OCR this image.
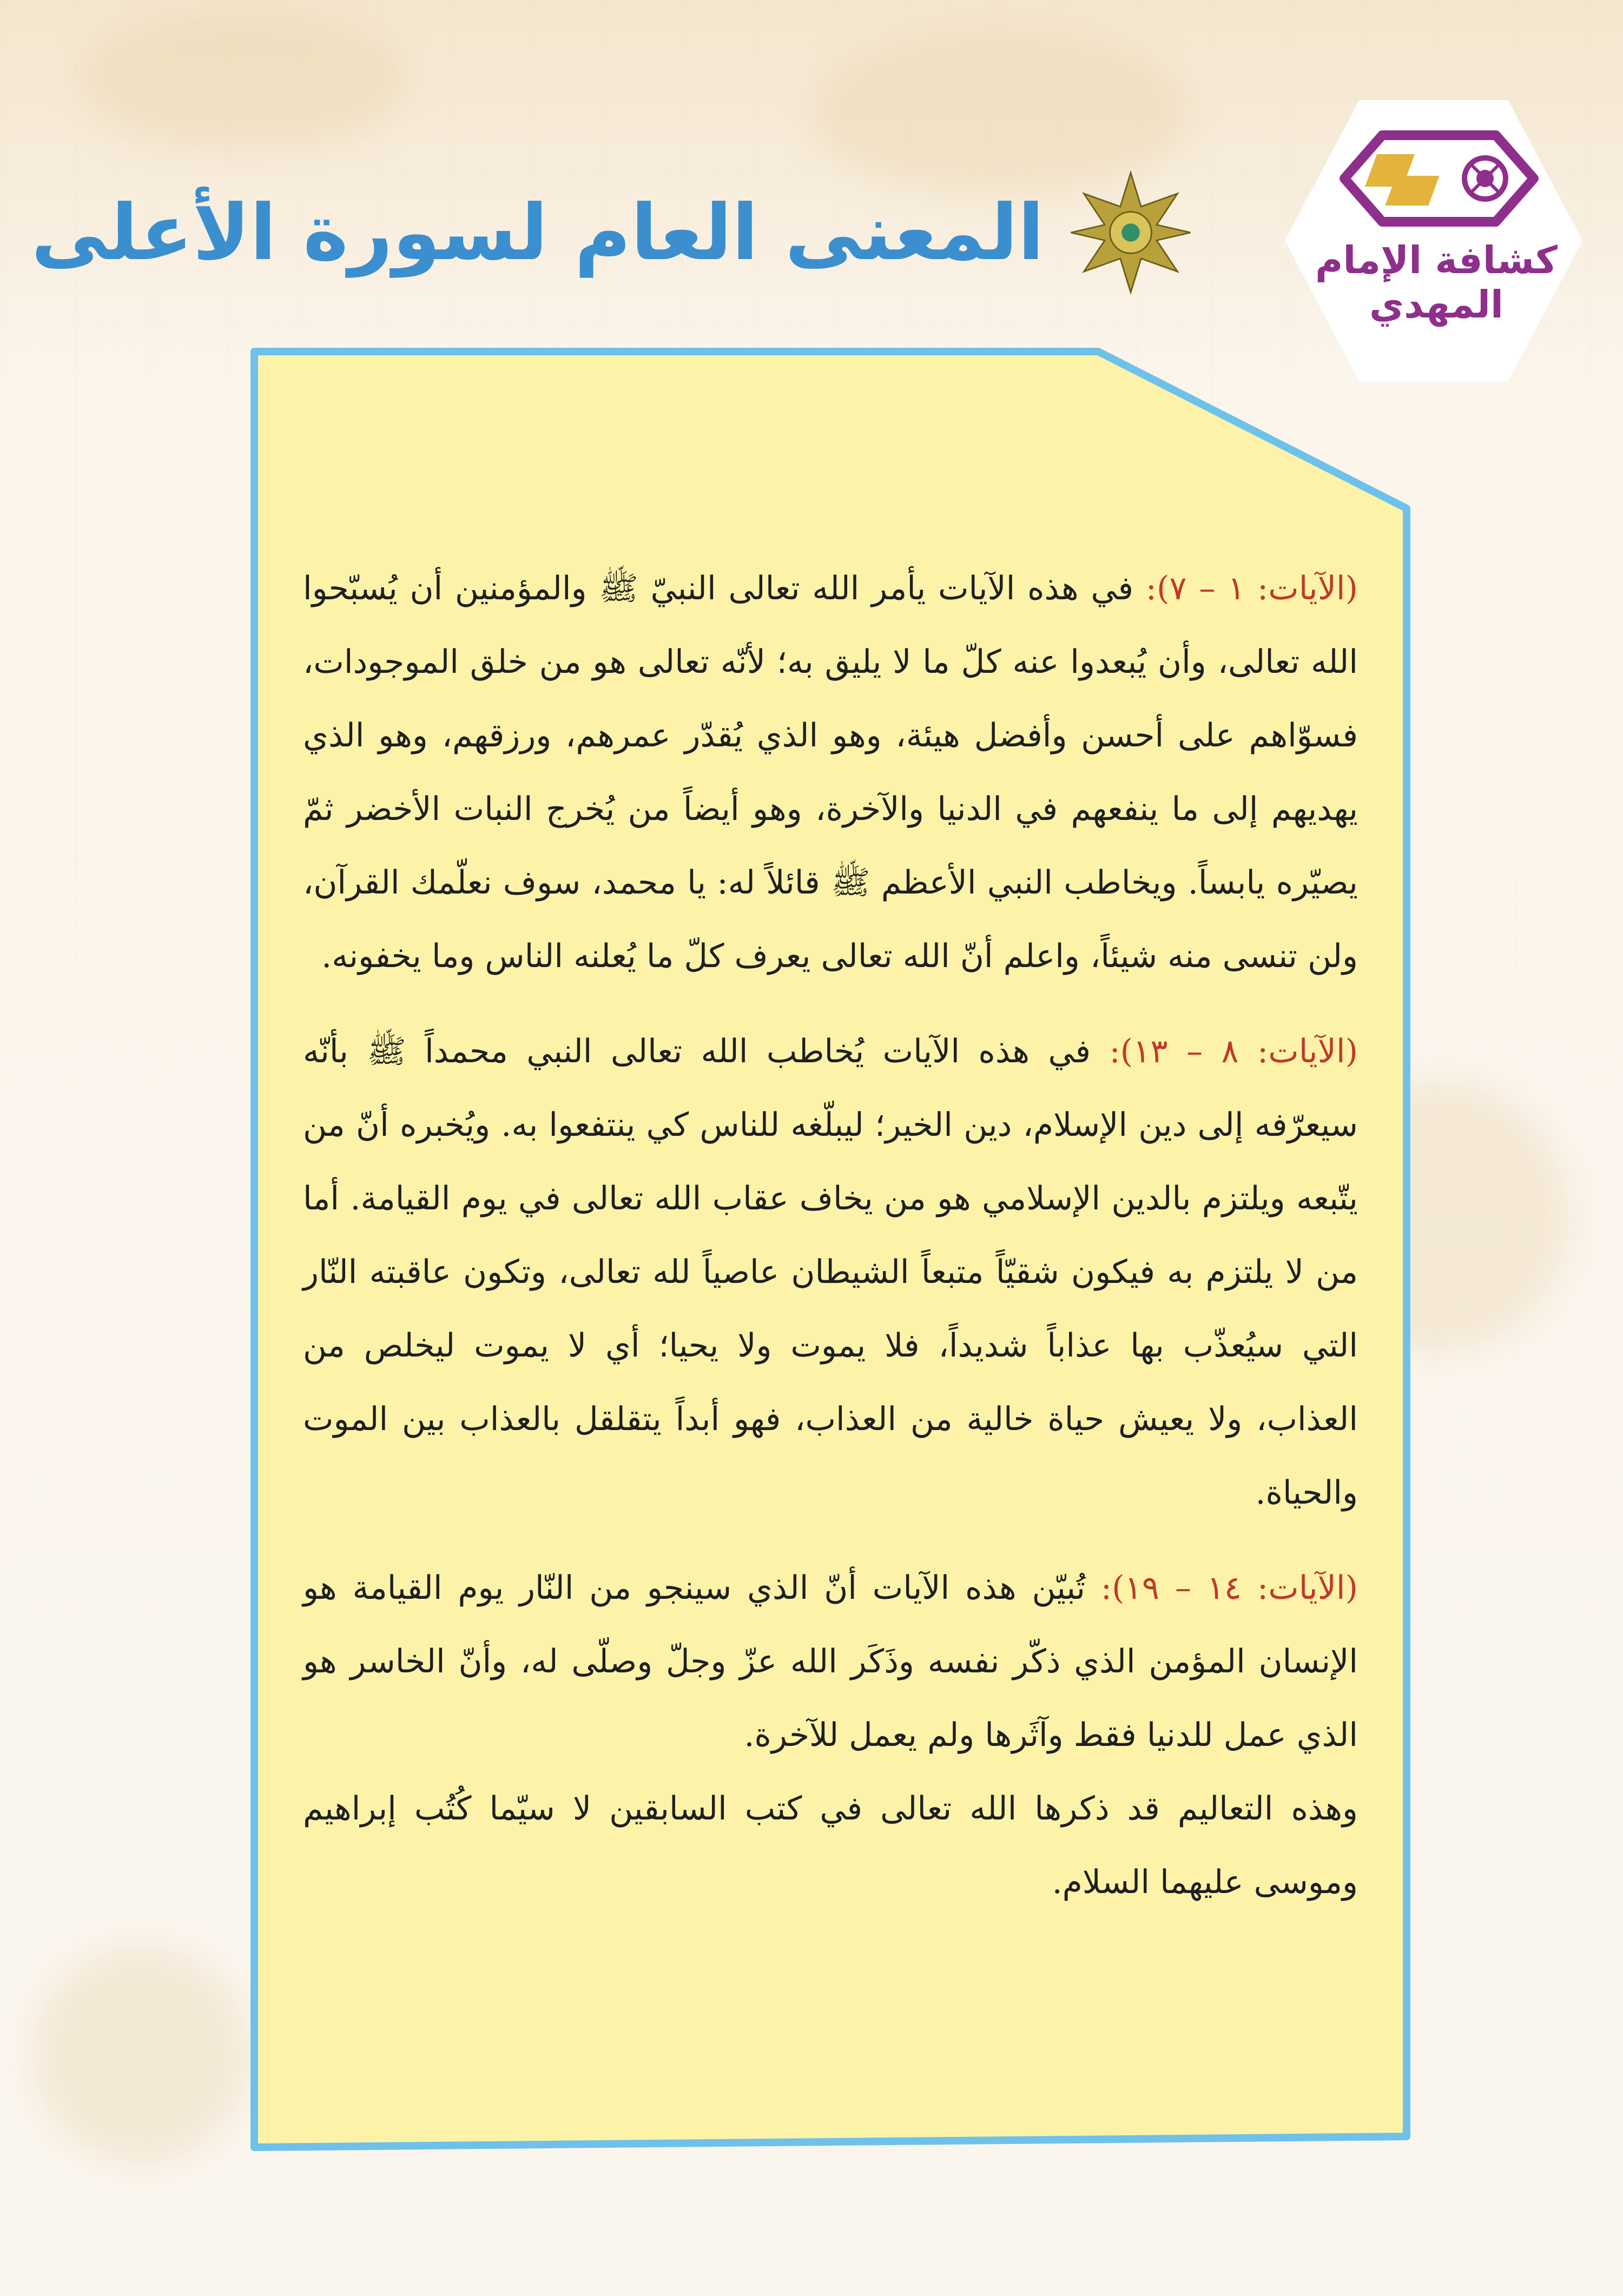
كشافة الإمام المهدي
المعنى العام لسورة الأعلى

(الآيات: ١ – ٧): في هذه الآيات يأمر الله تعالى النبيّ ﷺ والمؤمنين أن يُسبّحوا الله تعالى، وأن يُبعدوا عنه كلّ ما لا يليق به؛ لأنّه تعالى هو من خلق الموجودات، فسوّاهم على أحسن وأفضل هيئة، وهو الذي يُقدّر عمرهم، ورزقهم، وهو الذي يهديهم إلى ما ينفعهم في الدنيا والآخرة، وهو أيضاً من يُخرج النبات الأخضر ثمّ يصيّره يابساً. ويخاطب النبي الأعظم ﷺ قائلاً له: يا محمد، سوف نعلّمك القرآن، ولن تنسى منه شيئاً، واعلم أنّ الله تعالى يعرف كلّ ما يُعلنه الناس وما يخفونه.

(الآيات: ٨ – ١٣): في هذه الآيات يُخاطب الله تعالى النبي محمداً ﷺ بأنّه سيعرّفه إلى دين الإسلام، دين الخير؛ ليبلّغه للناس كي ينتفعوا به. ويُخبره أنّ من يتّبعه ويلتزم بالدين الإسلامي هو من يخاف عقاب الله تعالى في يوم القيامة. أما من لا يلتزم به فيكون شقيّاً متبعاً الشيطان عاصياً لله تعالى، وتكون عاقبته النّار التي سيُعذّب بها عذاباً شديداً، فلا يموت ولا يحيا؛ أي لا يموت ليخلص من العذاب، ولا يعيش حياة خالية من العذاب، فهو أبداً يتقلقل بالعذاب بين الموت والحياة.

(الآيات: ١٤ – ١٩): تُبيّن هذه الآيات أنّ الذي سينجو من النّار يوم القيامة هو الإنسان المؤمن الذي ذكّر نفسه وذَكَر الله عزّ وجلّ وصلّى له، وأنّ الخاسر هو الذي عمل للدنيا فقط وآثَرها ولم يعمل للآخرة.

وهذه التعاليم قد ذكرها الله تعالى في كتب السابقين لا سيّما كُتُب إبراهيم وموسى عليهما السلام.
